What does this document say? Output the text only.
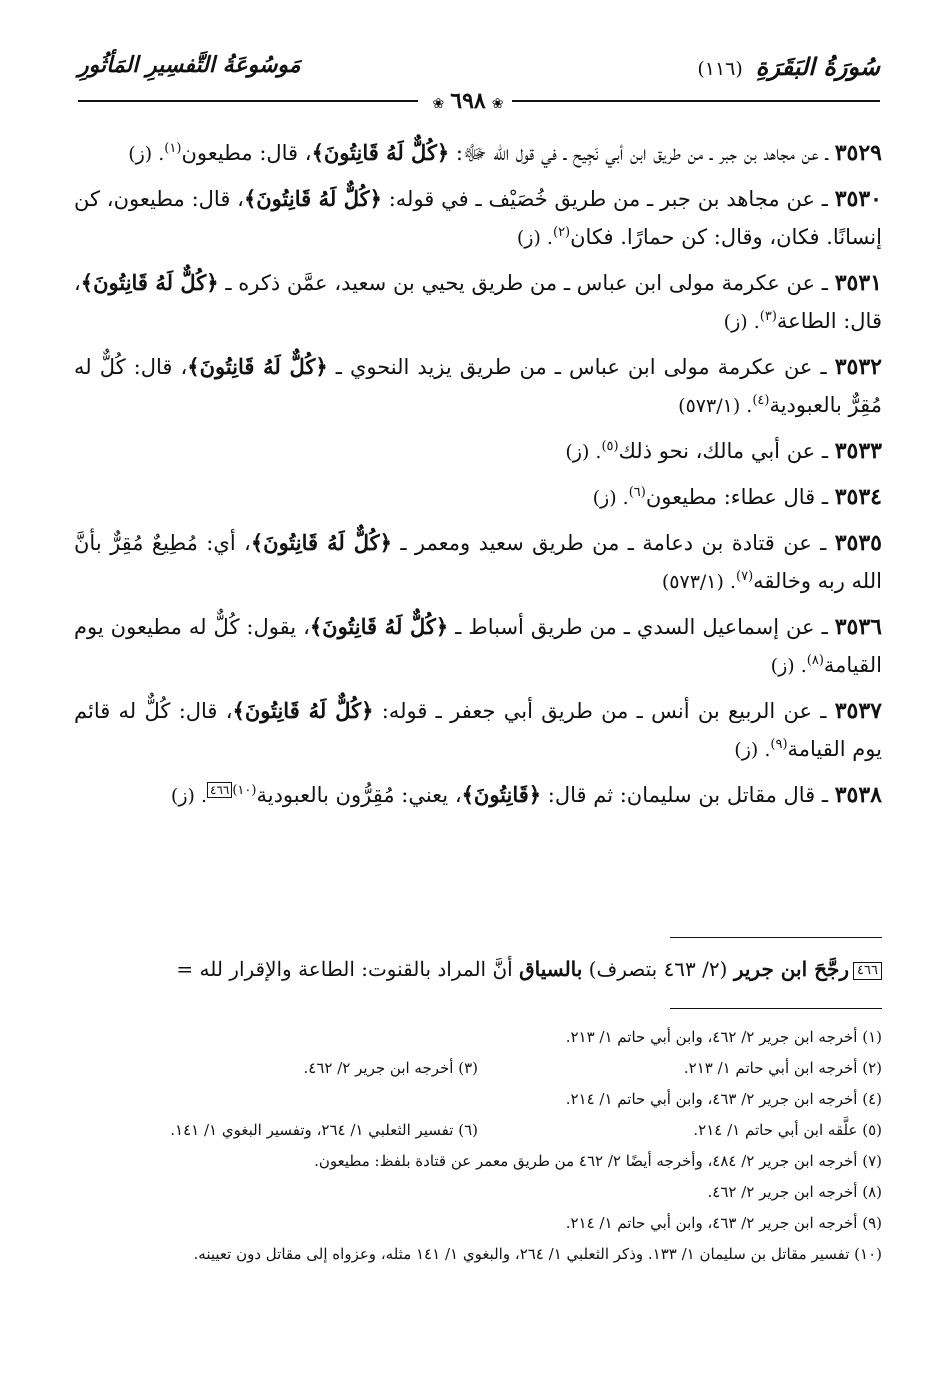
سُورَةُ البَقَرَةِ (١١٦)
مَوسُوعَةُ التَّفسِيرِ المَأثُورِ
❀٦٩٨❀

٣٥٢٩ ـ عن مجاهد بن جبر ـ من طريق ابن أبي نَجِيح ـ في قول الله ﷻ: ﴿كُلٌّ لَهُ قَانِتُونَ﴾، قال: مطيعون$^{(١)}$. (ز)

٣٥٣٠ ـ عن مجاهد بن جبر ـ من طريق خُصَيْف ـ في قوله: ﴿كُلٌّ لَهُ قَانِتُونَ﴾، قال: مطيعون، كن إنسانًا. فكان، وقال: كن حمارًا. فكان$^{(٢)}$. (ز)

٣٥٣١ ـ عن عكرمة مولى ابن عباس ـ من طريق يحيي بن سعيد، عمَّن ذكره ـ ﴿كُلٌّ لَهُ قَانِتُونَ﴾، قال: الطاعة$^{(٣)}$. (ز)

٣٥٣٢ ـ عن عكرمة مولى ابن عباس ـ من طريق يزيد النحوي ـ ﴿كُلٌّ لَهُ قَانِتُونَ﴾، قال: كُلٌّ له مُقِرٌّ بالعبودية$^{(٤)}$. (٥٧٣/١)

٣٥٣٣ ـ عن أبي مالك، نحو ذلك$^{(٥)}$. (ز)

٣٥٣٤ ـ قال عطاء: مطيعون$^{(٦)}$. (ز)

٣٥٣٥ ـ عن قتادة بن دعامة ـ من طريق سعيد ومعمر ـ ﴿كُلٌّ لَهُ قَانِتُونَ﴾، أي: مُطِيعٌ مُقِرٌّ بأنَّ الله ربه وخالقه$^{(٧)}$. (٥٧٣/١)

٣٥٣٦ ـ عن إسماعيل السدي ـ من طريق أسباط ـ ﴿كُلٌّ لَهُ قَانِتُونَ﴾، يقول: كُلٌّ له مطيعون يوم القيامة$^{(٨)}$. (ز)

٣٥٣٧ ـ عن الربيع بن أنس ـ من طريق أبي جعفر ـ قوله: ﴿كُلٌّ لَهُ قَانِتُونَ﴾، قال: كُلٌّ له قائم يوم القيامة$^{(٩)}$. (ز)

٣٥٣٨ ـ قال مقاتل بن سليمان: ثم قال: ﴿قَانِتُونَ﴾، يعني: مُقِرُّون بالعبودية$^{(١٠)}$٤٦٦. (ز)

٤٦٦رجَّحَ ابن جرير (٢/ ٤٦٣ بتصرف) بالسياق أنَّ المراد بالقنوت: الطاعة والإقرار لله =
(١) أخرجه ابن جرير ٢/ ٤٦٢، وابن أبي حاتم ١/ ٢١٣.
(٢) أخرجه ابن أبي حاتم ١/ ٢١٣.
(٣) أخرجه ابن جرير ٢/ ٤٦٢.
(٤) أخرجه ابن جرير ٢/ ٤٦٣، وابن أبي حاتم ١/ ٢١٤.
(٥) علَّقه ابن أبي حاتم ١/ ٢١٤.
(٦) تفسير الثعلبي ١/ ٢٦٤، وتفسير البغوي ١/ ١٤١.
(٧) أخرجه ابن جرير ٢/ ٤٨٤، وأخرجه أيضًا ٢/ ٤٦٢ من طريق معمر عن قتادة بلفظ: مطيعون.
(٨) أخرجه ابن جرير ٢/ ٤٦٢.
(٩) أخرجه ابن جرير ٢/ ٤٦٣، وابن أبي حاتم ١/ ٢١٤.
(١٠) تفسير مقاتل بن سليمان ١/ ١٣٣. وذكر الثعلبي ١/ ٢٦٤، والبغوي ١/ ١٤١ مثله، وعزواه إلى مقاتل دون تعيينه.
